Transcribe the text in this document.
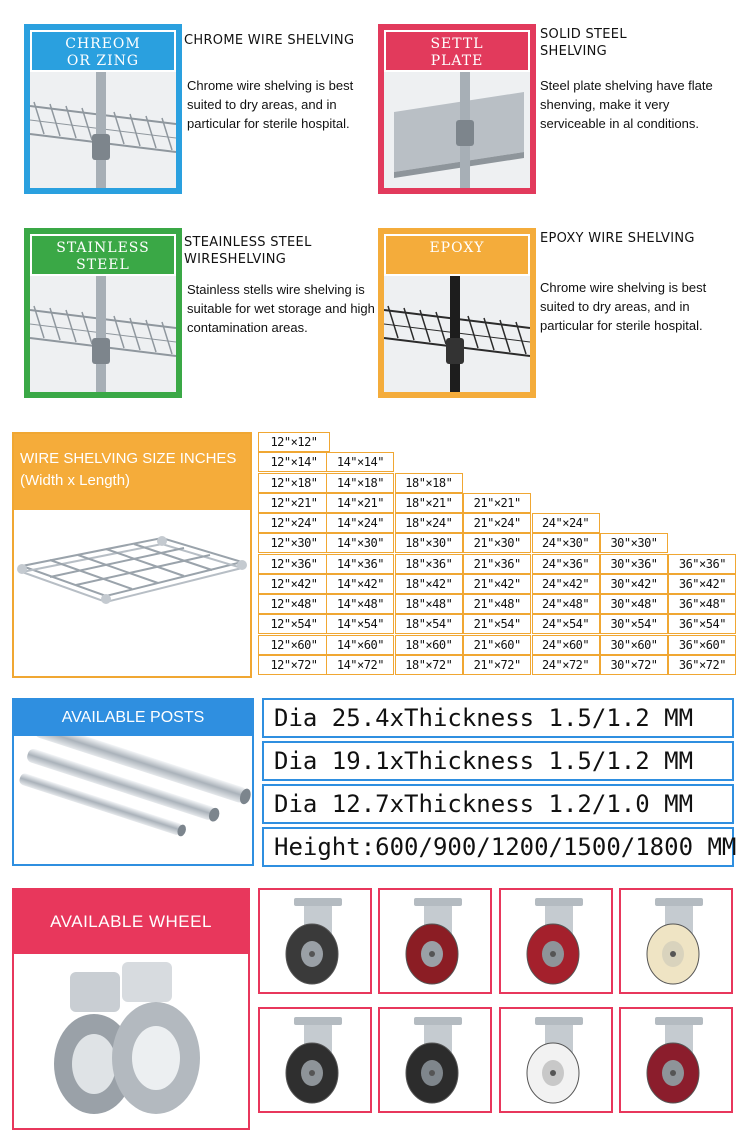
CHREOM
OR ZING
SETTL
PLATE
STAINLESS
STEEL
EPOXY
WIRE SHELVING SIZE INCHES
(Width x Length)
12"×12"
12"×14"
12"×18"
12"×21"
12"×24"
12"×30"
12"×36"
12"×42"
12"×48"
12"×54"
12"×60"
12"×72"
14"×14"
14"×18"
14"×21"
14"×24"
14"×30"
14"×36"
14"×42"
14"×48"
14"×54"
14"×60"
14"×72"
18"×18"
18"×21"
18"×24"
18"×30"
18"×36"
18"×42"
18"×48"
18"×54"
18"×60"
18"×72"
21"×21"
21"×24"
21"×30"
21"×36"
21"×42"
21"×48"
21"×54"
21"×60"
21"×72"
24"×24"
24"×30"
24"×36"
24"×42"
24"×48"
24"×54"
24"×60"
24"×72"
30"×30"
30"×36"
30"×42"
30"×48"
30"×54"
30"×60"
30"×72"
36"×36"
36"×42"
36"×48"
36"×54"
36"×60"
36"×72"
AVAILABLE POSTS	Dia 25.4xThickness 1.5/1.2 MM
Dia 19.1xThickness 1.5/1.2 MM
Dia 12.7xThickness 1.2/1.0 MM
Height:600/900/1200/1500/1800 MM
AVAILABLE WHEEL
CHROME WIRE SHELVING
Chrome wire shelving is best suited to dry areas, and in particular for sterile hospital.
SOLID STEEL
SHELVING
Steel plate shelving have flate shenving, make it very serviceable in al conditions.
STEAINLESS STEEL
WIRESHELVING
Stainless stells wire shelving is suitable for wet storage and high contamination areas.
EPOXY WIRE SHELVING
Chrome wire shelving is best suited to dry areas, and in particular for sterile hospital.
